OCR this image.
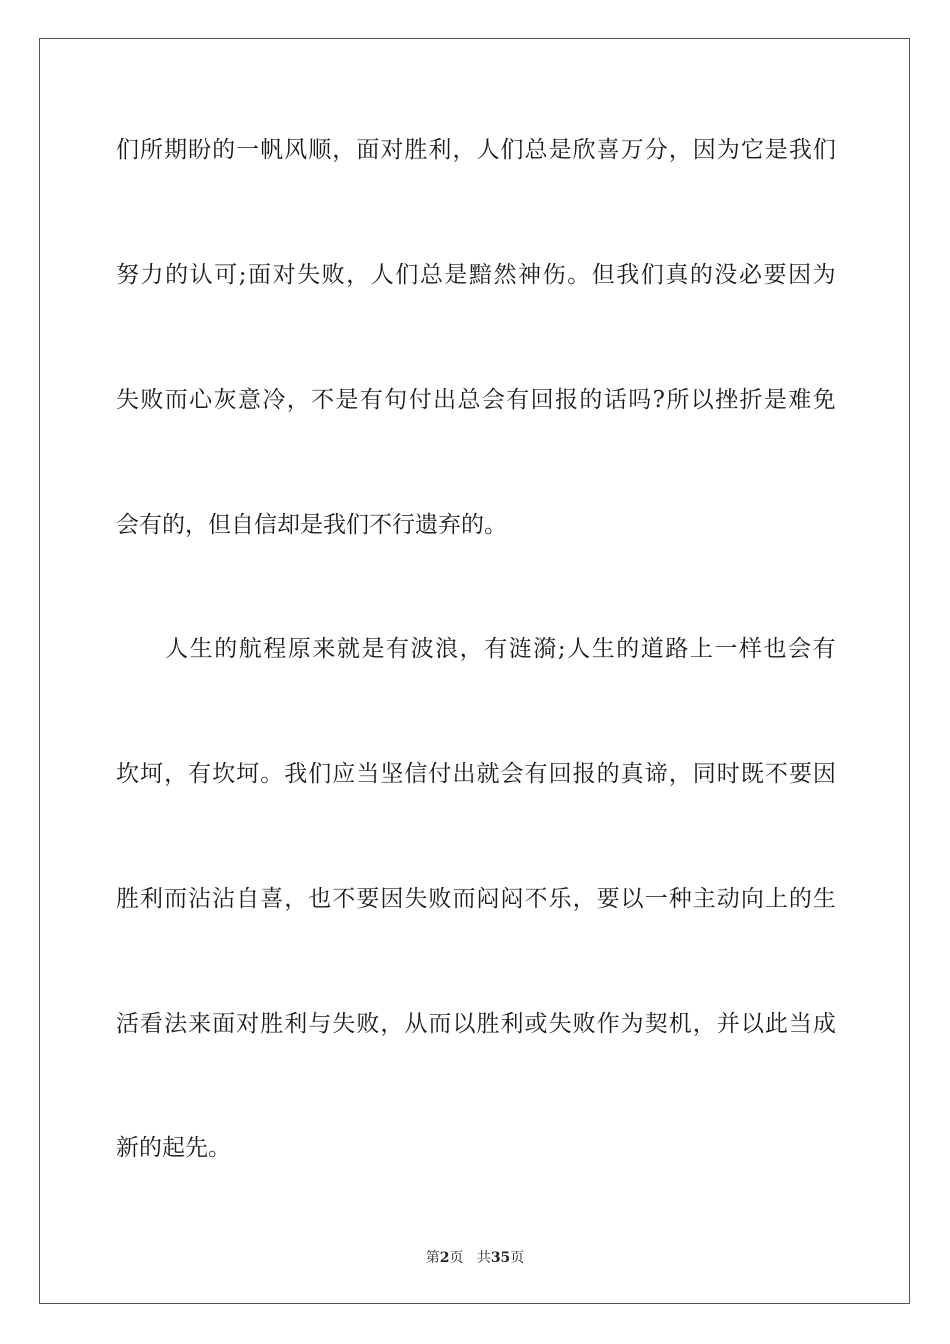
们 所 期 盼 的 一 帆 风 顺 ， 面 对 胜 利 ， 人 们 总 是 欣 喜 万 分 ， 因 为 它 是 我 们
努 力 的 认 可 ; 面 对 失 败 ， 人 们 总 是 黯 然 神 伤 。 但 我 们 真 的 没 必 要 因 为
失 败 而 心 灰 意 冷 ， 不 是 有 句 付 出 总 会 有 回 报 的 话 吗 ? 所 以 挫 折 是 难 免
会有的，但自信却是我们不行遗弃的。

人 生 的 航 程 原 来 就 是 有 波 浪 ， 有 涟 漪 ; 人 生 的 道 路 上 一 样 也 会 有
坎 坷 ， 有 坎 坷 。 我 们 应 当 坚 信 付 出 就 会 有 回 报 的 真 谛 ， 同 时 既 不 要 因
胜 利 而 沾 沾 自 喜 ， 也 不 要 因 失 败 而 闷 闷 不 乐 ， 要 以 一 种 主 动 向 上 的 生
活 看 法 来 面 对 胜 利 与 失 败 ， 从 而 以 胜 利 或 失 败 作 为 契 机 ， 并 以 此 当 成
新的起先。
第2页 共35页
